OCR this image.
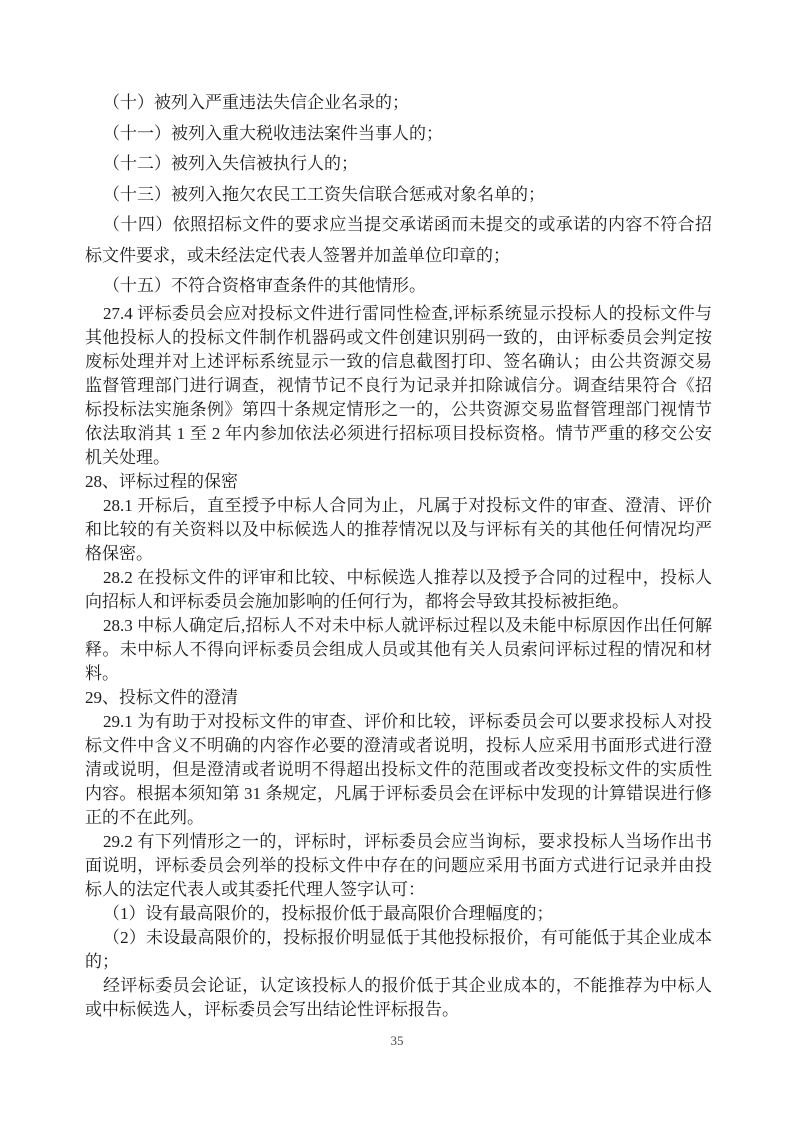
（十）被列入严重违法失信企业名录的；

（十一）被列入重大税收违法案件当事人的；

（十二）被列入失信被执行人的；

（十三）被列入拖欠农民工工资失信联合惩戒对象名单的；

（十四）依照招标文件的要求应当提交承诺函而未提交的或承诺的内容不符合招标文件要求，或未经法定代表人签署并加盖单位印章的；

（十五）不符合资格审查条件的其他情形。

27.4 评标委员会应对投标文件进行雷同性检查,评标系统显示投标人的投标文件与其他投标人的投标文件制作机器码或文件创建识别码一致的，由评标委员会判定按废标处理并对上述评标系统显示一致的信息截图打印、签名确认；由公共资源交易监督管理部门进行调查，视情节记不良行为记录并扣除诚信分。调查结果符合《招标投标法实施条例》第四十条规定情形之一的，公共资源交易监督管理部门视情节依法取消其 1 至 2 年内参加依法必须进行招标项目投标资格。情节严重的移交公安机关处理。

28、评标过程的保密

28.1 开标后，直至授予中标人合同为止，凡属于对投标文件的审查、澄清、评价和比较的有关资料以及中标候选人的推荐情况以及与评标有关的其他任何情况均严格保密。

28.2 在投标文件的评审和比较、中标候选人推荐以及授予合同的过程中，投标人向招标人和评标委员会施加影响的任何行为，都将会导致其投标被拒绝。

28.3 中标人确定后,招标人不对未中标人就评标过程以及未能中标原因作出任何解释。未中标人不得向评标委员会组成人员或其他有关人员索问评标过程的情况和材料。

29、投标文件的澄清

29.1 为有助于对投标文件的审查、评价和比较，评标委员会可以要求投标人对投标文件中含义不明确的内容作必要的澄清或者说明，投标人应采用书面形式进行澄清或说明，但是澄清或者说明不得超出投标文件的范围或者改变投标文件的实质性内容。根据本须知第 31 条规定，凡属于评标委员会在评标中发现的计算错误进行修正的不在此列。

29.2 有下列情形之一的，评标时，评标委员会应当询标，要求投标人当场作出书面说明，评标委员会列举的投标文件中存在的问题应采用书面方式进行记录并由投标人的法定代表人或其委托代理人签字认可：

（1）设有最高限价的，投标报价低于最高限价合理幅度的；

（2）未设最高限价的，投标报价明显低于其他投标报价，有可能低于其企业成本的；

经评标委员会论证，认定该投标人的报价低于其企业成本的，不能推荐为中标人或中标候选人，评标委员会写出结论性评标报告。

35
